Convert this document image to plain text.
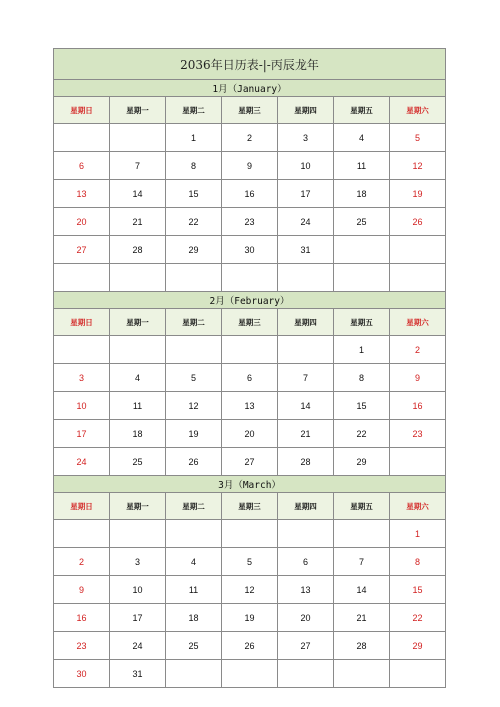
2036年日历表-|-丙辰龙年						
1月（January）						
星期日	星期一	星期二	星期三	星期四	星期五	星期六
		1	2	3	4	5
6	7	8	9	10	11	12
13	14	15	16	17	18	19
20	21	22	23	24	25	26
27	28	29	30	31		

2月（February）						
星期日	星期一	星期二	星期三	星期四	星期五	星期六
					1	2
3	4	5	6	7	8	9
10	11	12	13	14	15	16
17	18	19	20	21	22	23
24	25	26	27	28	29	
3月（March）						
星期日	星期一	星期二	星期三	星期四	星期五	星期六
						1
2	3	4	5	6	7	8
9	10	11	12	13	14	15
16	17	18	19	20	21	22
23	24	25	26	27	28	29
30	31					
